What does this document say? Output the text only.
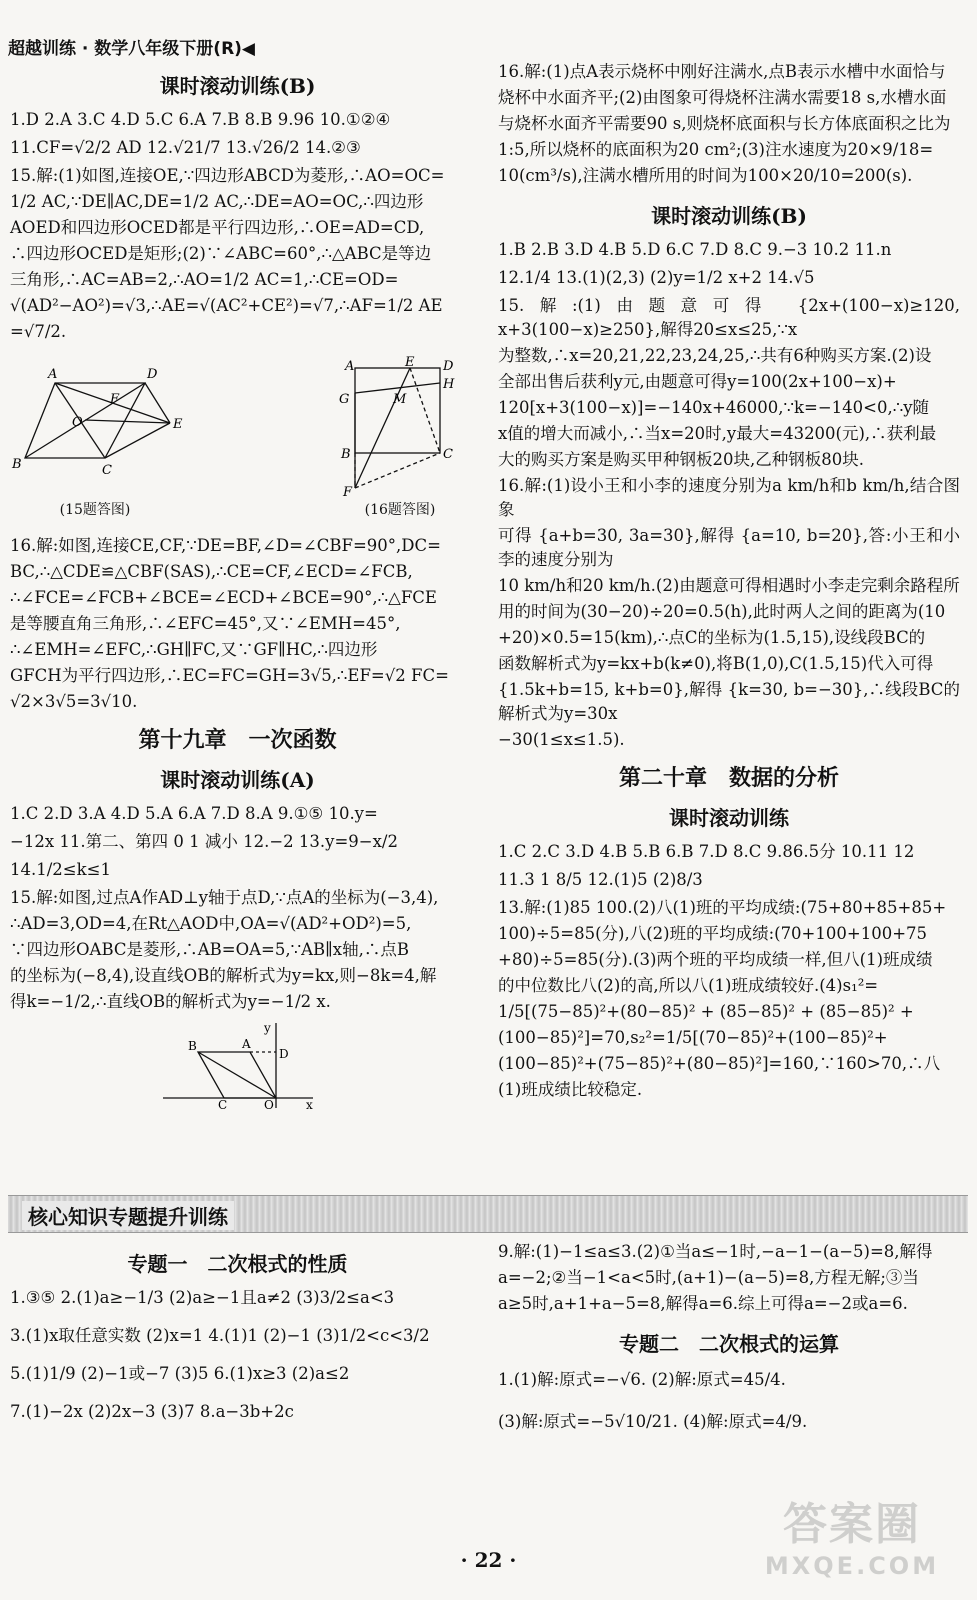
超越训练 · 数学八年级下册(R)◀
课时滚动训练(B)
1.D 2.A 3.C 4.D 5.C 6.A 7.B 8.B 9.96 10.①②④
11.CF=√2/2 AD 12.√21/7 13.√26/2 14.②③
15.解:(1)如图,连接OE,∵四边形ABCD为菱形,∴AO=OC=
1/2 AC,∵DE∥AC,DE=1/2 AC,∴DE=AO=OC,∴四边形
AOED和四边形OCED都是平行四边形,∴OE=AD=CD,
∴四边形OCED是矩形;(2)∵∠ABC=60°,∴△ABC是等边
三角形,∴AC=AB=2,∴AO=1/2 AC=1,∴CE=OD=
√(AD²−AO²)=√3,∴AE=√(AC²+CE²)=√7,∴AF=1/2 AE
=√7/2.
A	D
F
O	E
B	C
(15题答图)
A	E D
H
G	M
B	C
F
(16题答图)
16.解:如图,连接CE,CF,∵DE=BF,∠D=∠CBF=90°,DC=
BC,∴△CDE≌△CBF(SAS),∴CE=CF,∠ECD=∠FCB,
∴∠FCE=∠FCB+∠BCE=∠ECD+∠BCE=90°,∴△FCE
是等腰直角三角形,∴∠EFC=45°,又∵∠EMH=45°,
∴∠EMH=∠EFC,∴GH∥FC,又∵GF∥HC,∴四边形
GFCH为平行四边形,∴EC=FC=GH=3√5,∴EF=√2 FC=
√2×3√5=3√10.
第十九章　一次函数
课时滚动训练(A)
1.C 2.D 3.A 4.D 5.A 6.A 7.D 8.A 9.①⑤ 10.y=
−12x 11.第二、第四 0 1 减小 12.−2 13.y=9−x/2
14.1/2≤k≤1
15.解:如图,过点A作AD⊥y轴于点D,∵点A的坐标为(−3,4),
∴AD=3,OD=4,在Rt△AOD中,OA=√(AD²+OD²)=5,
∵四边形OABC是菱形,∴AB=OA=5,∵AB∥x轴,∴点B
的坐标为(−8,4),设直线OB的解析式为y=kx,则−8k=4,解
得k=−1/2,∴直线OB的解析式为y=−1/2 x.
y
B	A
D
C	O	x
16.解:(1)点A表示烧杯中刚好注满水,点B表示水槽中水面恰与
烧杯中水面齐平;(2)由图象可得烧杯注满水需要18 s,水槽水面
与烧杯水面齐平需要90 s,则烧杯底面积与长方体底面积之比为
1:5,所以烧杯的底面积为20 cm²;(3)注水速度为20×9/18=
10(cm³/s),注满水槽所用的时间为100×20/10=200(s).
课时滚动训练(B)
1.B 2.B 3.D 4.B 5.D 6.C 7.D 8.C 9.−3 10.2 11.n
12.1/4 13.(1)(2,3) (2)y=1/2 x+2 14.√5
15.解:(1)由题意可得 {2x+(100−x)≥120, x+3(100−x)≥250},解得20≤x≤25,∵x
为整数,∴x=20,21,22,23,24,25,∴共有6种购买方案.(2)设
全部出售后获利y元,由题意可得y=100(2x+100−x)+
120[x+3(100−x)]=−140x+46000,∵k=−140<0,∴y随
x值的增大而减小,∴当x=20时,y最大=43200(元),∴获利最
大的购买方案是购买甲种钢板20块,乙种钢板80块.
16.解:(1)设小王和小李的速度分别为a km/h和b km/h,结合图象
可得 {a+b=30, 3a=30},解得 {a=10, b=20},答:小王和小李的速度分别为
10 km/h和20 km/h.(2)由题意可得相遇时小李走完剩余路程所
用的时间为(30−20)÷20=0.5(h),此时两人之间的距离为(10
+20)×0.5=15(km),∴点C的坐标为(1.5,15),设线段BC的
函数解析式为y=kx+b(k≠0),将B(1,0),C(1.5,15)代入可得
{1.5k+b=15, k+b=0},解得 {k=30, b=−30},∴线段BC的解析式为y=30x
−30(1≤x≤1.5).
第二十章　数据的分析
课时滚动训练
1.C 2.C 3.D 4.B 5.B 6.B 7.D 8.C 9.86.5分 10.11 12
11.3 1 8/5 12.(1)5 (2)8/3
13.解:(1)85 100.(2)八(1)班的平均成绩:(75+80+85+85+
100)÷5=85(分),八(2)班的平均成绩:(70+100+100+75
+80)÷5=85(分).(3)两个班的平均成绩一样,但八(1)班成绩
的中位数比八(2)的高,所以八(1)班成绩较好.(4)s₁²=
1/5[(75−85)²+(80−85)² + (85−85)² + (85−85)² +
(100−85)²]=70,s₂²=1/5[(70−85)²+(100−85)²+
(100−85)²+(75−85)²+(80−85)²]=160,∵160>70,∴八
(1)班成绩比较稳定.
核心知识专题提升训练
专题一　二次根式的性质
1.③⑤ 2.(1)a≥−1/3 (2)a≥−1且a≠2 (3)3/2≤a<3
3.(1)x取任意实数 (2)x=1 4.(1)1 (2)−1 (3)1/2<c<3/2
5.(1)1/9 (2)−1或−7 (3)5 6.(1)x≥3 (2)a≤2
7.(1)−2x (2)2x−3 (3)7 8.a−3b+2c
9.解:(1)−1≤a≤3.(2)①当a≤−1时,−a−1−(a−5)=8,解得
a=−2;②当−1<a<5时,(a+1)−(a−5)=8,方程无解;③当
a≥5时,a+1+a−5=8,解得a=6.综上可得a=−2或a=6.
专题二　二次根式的运算
1.(1)解:原式=−√6. (2)解:原式=45/4.
(3)解:原式=−5√10/21. (4)解:原式=4/9.
· 22 ·
答案圈
MXQE.COM
